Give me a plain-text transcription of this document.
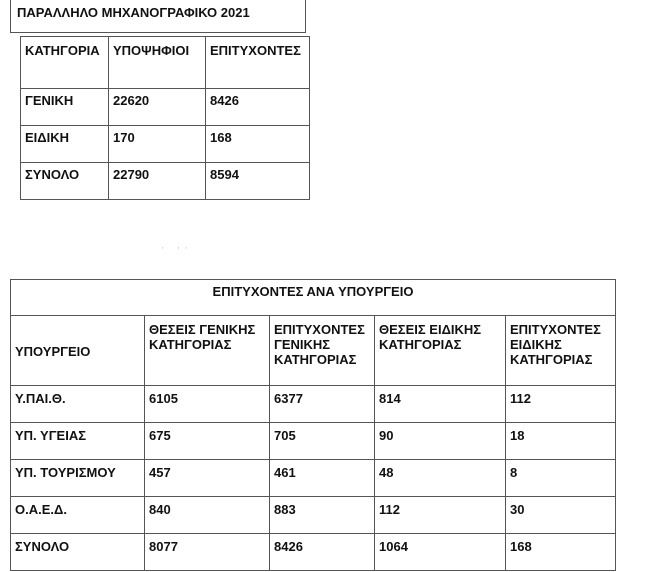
ΠΑΡΑΛΛΗΛΟ ΜΗΧΑΝΟΓΡΑΦΙΚΟ 2021
ΚΑΤΗΓΟΡΙΑ	ΥΠΟΨΗΦΙΟΙ	ΕΠΙΤΥΧΟΝΤΕΣ
ΓΕΝΙΚΗ	22620	8426
ΕΙΔΙΚΗ	170	168
ΣΥΝΟΛΟ	22790	8594
' ''
ΕΠΙΤΥΧΟΝΤΕΣ ΑΝΑ ΥΠΟΥΡΓΕΙΟ				
ΥΠΟΥΡΓΕΙΟ	ΘΕΣΕΙΣ ΓΕΝΙΚΗΣ ΚΑΤΗΓΟΡΙΑΣ	ΕΠΙΤΥΧΟΝΤΕΣ ΓΕΝΙΚΗΣ ΚΑΤΗΓΟΡΙΑΣ	ΘΕΣΕΙΣ ΕΙΔΙΚΗΣ ΚΑΤΗΓΟΡΙΑΣ	ΕΠΙΤΥΧΟΝΤΕΣ ΕΙΔΙΚΗΣ ΚΑΤΗΓΟΡΙΑΣ
Υ.ΠΑΙ.Θ.	6105	6377	814	112
ΥΠ. ΥΓΕΙΑΣ	675	705	90	18
ΥΠ. ΤΟΥΡΙΣΜΟΥ	457	461	48	8
Ο.Α.Ε.Δ.	840	883	112	30
ΣΥΝΟΛΟ	8077	8426	1064	168
